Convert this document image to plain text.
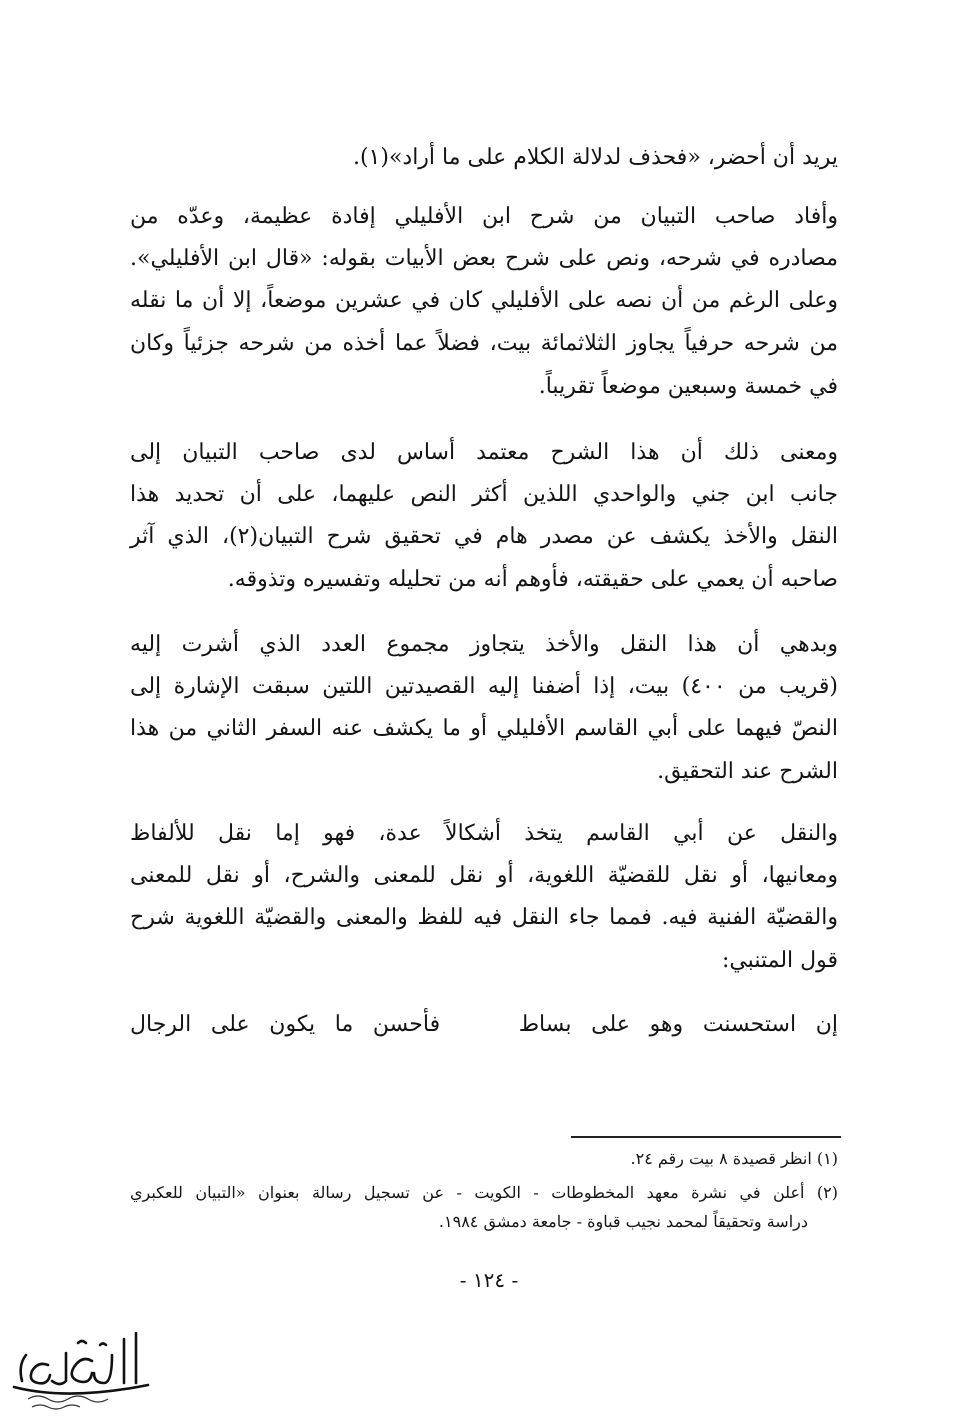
يريد أن أحضر، «فحذف لدلالة الكلام على ما أراد»(١).
وأفاد صاحب التبيان من شرح ابن الأفليلي إفادة عظيمة، وعدّه من
مصادره في شرحه، ونص على شرح بعض الأبيات بقوله: «قال ابن الأفليلي».
وعلى الرغم من أن نصه على الأفليلي كان في عشرين موضعاً، إلا أن ما نقله
من شرحه حرفياً يجاوز الثلاثمائة بيت، فضلاً عما أخذه من شرحه جزئياً وكان
في خمسة وسبعين موضعاً تقريباً.
ومعنى ذلك أن هذا الشرح معتمد أساس لدى صاحب التبيان إلى
جانب ابن جني والواحدي اللذين أكثر النص عليهما، على أن تحديد هذا
النقل والأخذ يكشف عن مصدر هام في تحقيق شرح التبيان(٢)، الذي آثر
صاحبه أن يعمي على حقيقته، فأوهم أنه من تحليله وتفسيره وتذوقه.
وبدهي أن هذا النقل والأخذ يتجاوز مجموع العدد الذي أشرت إليه
(قريب من ٤٠٠) بيت، إذا أضفنا إليه القصيدتين اللتين سبقت الإشارة إلى
النصّ فيهما على أبي القاسم الأفليلي أو ما يكشف عنه السفر الثاني من هذا
الشرح عند التحقيق.
والنقل عن أبي القاسم يتخذ أشكالاً عدة، فهو إما نقل للألفاظ
ومعانيها، أو نقل للقضيّة اللغوية، أو نقل للمعنى والشرح، أو نقل للمعنى
والقضيّة الفنية فيه. فمما جاء النقل فيه للفظ والمعنى والقضيّة اللغوية شرح
قول المتنبي:
إن استحسنت وهو على بساط    فأحسن ما يكون على الرجال
(١) انظر قصيدة ٨ بيت رقم ٢٤.
(٢) أعلن في نشرة معهد المخطوطات - الكويت - عن تسجيل رسالة بعنوان «التبيان للعكبري
دراسة وتحقيقاً لمحمد نجيب قباوة - جامعة دمشق ١٩٨٤.
- ١٢٤ -
